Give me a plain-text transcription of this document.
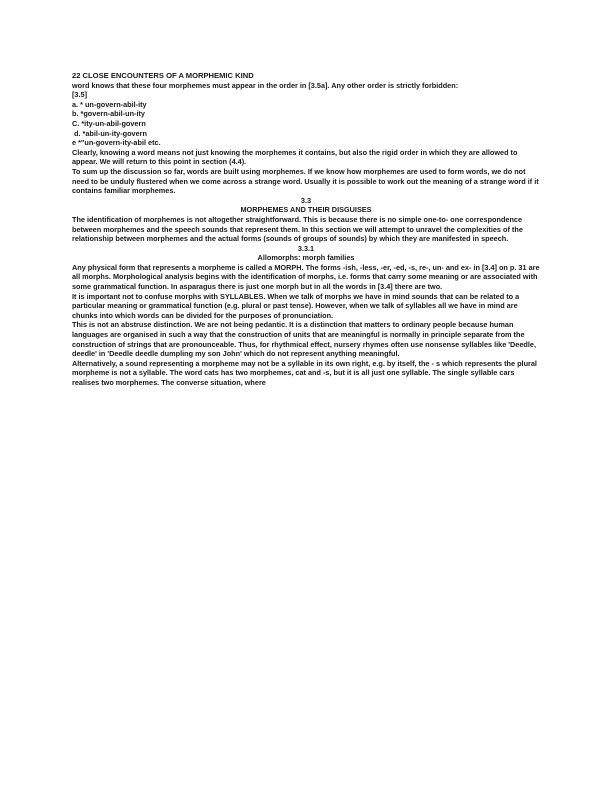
22 CLOSE ENCOUNTERS OF A MORPHEMIC KIND

word knows that these four morphemes must appear in the order in [3.5a]. Any other order is strictly forbidden:

[3.5]

a. * un-govern-abil-ity

b. *govern-abil-un-ity

C. *ity-un-abil-govern

d. *abil-un-ity-govern

e *"un-govern-ity-abil etc.

Clearly, knowing a word means not just knowing the morphemes it contains, but also the rigid order in which they are allowed to appear. We will return to this point in section (4.4).

To sum up the discussion so far, words are built using morphemes. If we know how morphemes are used to form words, we do not need to be unduly flustered when we come across a strange word. Usually it is possible to work out the meaning of a strange word if it contains familiar morphemes.

3.3

MORPHEMES AND THEIR DISGUISES

The identification of morphemes is not altogether straightforward. This is because there is no simple one-to- one correspondence between morphemes and the speech sounds that represent them. In this section we will attempt to unravel the complexities of the relationship between morphemes and the actual forms (sounds of groups of sounds) by which they are manifested in speech.

3.3.1

Allomorphs: morph families

Any physical form that represents a morpheme is called a MORPH. The forms -ish, -less, -er, -ed, -s, re-, un- and ex- in [3.4] on p. 31 are all morphs. Morphological analysis begins with the identification of morphs, i.e. forms that carry some meaning or are associated with some grammatical function. In asparagus there is just one morph but in all the words in [3.4] there are two.

It is important not to confuse morphs with SYLLABLES. When we talk of morphs we have in mind sounds that can be related to a particular meaning or grammatical function (e.g. plural or past tense). However, when we talk of syllables all we have in mind are chunks into which words can be divided for the purposes of pronunciation.

This is not an abstruse distinction. We are not being pedantic. It is a distinction that matters to ordinary people because human languages are organised in such a way that the construction of units that are meaningful is normally in principle separate from the construction of strings that are pronounceable. Thus, for rhythmical effect, nursery rhymes often use nonsense syllables like 'Deedle, deedle' in 'Deedle deedle dumpling my son John' which do not represent anything meaningful.

Alternatively, a sound representing a morpheme may not be a syllable in its own right, e.g. by itself, the - s which represents the plural morpheme is not a syllable. The word cats has two morphemes, cat and -s, but it is all just one syllable. The single syllable cars realises two morphemes. The converse situation, where
